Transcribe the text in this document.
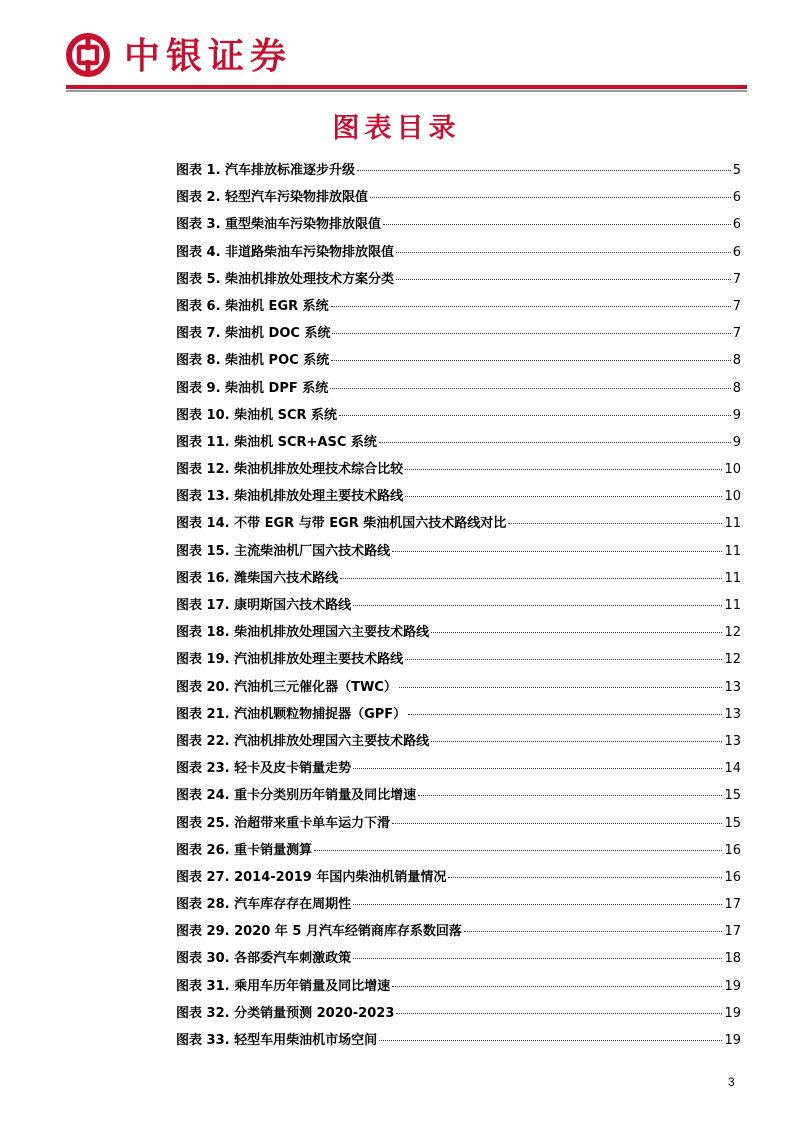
中银证券
图表目录
图表 1. 汽车排放标准逐步升级	5
图表 2. 轻型汽车污染物排放限值	6
图表 3. 重型柴油车污染物排放限值	6
图表 4. 非道路柴油车污染物排放限值	6
图表 5. 柴油机排放处理技术方案分类	7
图表 6. 柴油机 EGR 系统	7
图表 7. 柴油机 DOC 系统	7
图表 8. 柴油机 POC 系统	8
图表 9. 柴油机 DPF 系统	8
图表 10. 柴油机 SCR 系统	9
图表 11. 柴油机 SCR+ASC 系统	9
图表 12. 柴油机排放处理技术综合比较	10
图表 13. 柴油机排放处理主要技术路线	10
图表 14. 不带 EGR 与带 EGR 柴油机国六技术路线对比	11
图表 15. 主流柴油机厂国六技术路线	11
图表 16. 潍柴国六技术路线	11
图表 17. 康明斯国六技术路线	11
图表 18. 柴油机排放处理国六主要技术路线	12
图表 19. 汽油机排放处理主要技术路线	12
图表 20. 汽油机三元催化器（TWC）	13
图表 21. 汽油机颗粒物捕捉器（GPF）	13
图表 22. 汽油机排放处理国六主要技术路线	13
图表 23. 轻卡及皮卡销量走势	14
图表 24. 重卡分类别历年销量及同比增速	15
图表 25. 治超带来重卡单车运力下滑	15
图表 26. 重卡销量测算	16
图表 27. 2014-2019 年国内柴油机销量情况	16
图表 28. 汽车库存存在周期性	17
图表 29. 2020 年 5 月汽车经销商库存系数回落	17
图表 30. 各部委汽车刺激政策	18
图表 31. 乘用车历年销量及同比增速	19
图表 32. 分类销量预测 2020-2023	19
图表 33. 轻型车用柴油机市场空间	19
3
